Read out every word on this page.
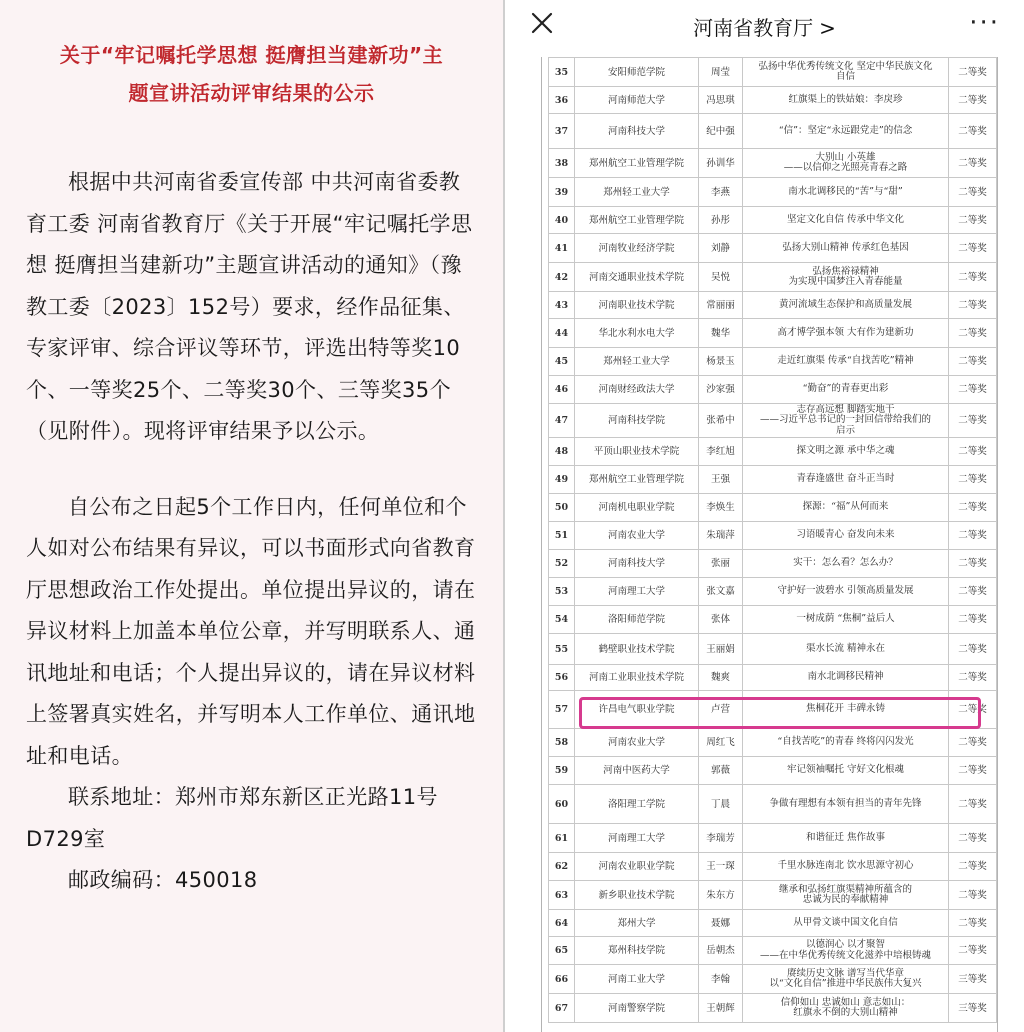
关于“牢记嘱托学思想 挺膺担当建新功”主
题宣讲活动评审结果的公示
根据中共河南省委宣传部 中共河南省委教育工委 河南省教育厅《关于开展“牢记嘱托学思想 挺膺担当建新功”主题宣讲活动的通知》（豫教工委〔2023〕152号）要求，经作品征集、专家评审、综合评议等环节，评选出特等奖10个、一等奖25个、二等奖30个、三等奖35个（见附件）。现将评审结果予以公示。
自公布之日起5个工作日内，任何单位和个人如对公布结果有异议，可以书面形式向省教育厅思想政治工作处提出。单位提出异议的，请在异议材料上加盖本单位公章，并写明联系人、通讯地址和电话；个人提出异议的，请在异议材料上签署真实姓名，并写明本人工作单位、通讯地址和电话。
联系地址：郑州市郑东新区正光路11号D729室
邮政编码：450018
河南省教育厅 >	···
35	安阳师范学院	周莹	弘扬中华优秀传统文化 坚定中华民族文化
自信	二等奖
36	河南师范大学	冯思琪	红旗渠上的铁姑娘：李戾珍	二等奖
37	河南科技大学	纪中强	“信”：坚定“永远跟党走”的信念	二等奖
38	郑州航空工业管理学院	孙训华	大别山 小英雄
——以信仰之光照亮青春之路	二等奖
39	郑州轻工业大学	李燕	南水北调移民的“苦”与“甜”	二等奖
40	郑州航空工业管理学院	孙彤	坚定文化自信 传承中华文化	二等奖
41	河南牧业经济学院	刘静	弘扬大别山精神 传承红色基因	二等奖
42	河南交通职业技术学院	吴悦	弘扬焦裕禄精神
为实现中国梦注入青春能量	二等奖
43	河南职业技术学院	常丽丽	黄河流域生态保护和高质量发展	二等奖
44	华北水利水电大学	魏华	高才博学强本领 大有作为建新功	二等奖
45	郑州轻工业大学	杨景玉	走近红旗渠 传承“自找苦吃”精神	二等奖
46	河南财经政法大学	沙家强	“勤奋”的青春更出彩	二等奖
47	河南科技学院	张希中	志存高远想 脚踏实地干
——习近平总书记的一封回信带给我们的
启示	二等奖
48	平顶山职业技术学院	李红旭	探文明之源 承中华之魂	二等奖
49	郑州航空工业管理学院	王强	青春逢盛世 奋斗正当时	二等奖
50	河南机电职业学院	李焕生	探源：“福”从何而来	二等奖
51	河南农业大学	朱瑞萍	习语暖青心 奋发向未来	二等奖
52	河南科技大学	张丽	实干：怎么看？怎么办？	二等奖
53	河南理工大学	张文嘉	守护好一波碧水 引领高质量发展	二等奖
54	洛阳师范学院	张体	一树成荫 “焦桐”益后人	二等奖
55	鹤壁职业技术学院	王丽娟	渠水长流 精神永在	二等奖
56	河南工业职业技术学院	魏爽	南水北调移民精神	二等奖
57	许昌电气职业学院	卢营	焦桐花开 丰碑永铸	二等奖
58	河南农业大学	周红飞	“自找苦吃”的青春 终将闪闪发光	二等奖
59	河南中医药大学	郭薇	牢记领袖嘱托 守好文化根魂	二等奖
60	洛阳理工学院	丁晨	争做有理想有本领有担当的青年先锋	二等奖
61	河南理工大学	李瑞芳	和谐征迁 焦作故事	二等奖
62	河南农业职业学院	王一琛	千里水脉连南北 饮水思源守初心	二等奖
63	新乡职业技术学院	朱东方	继承和弘扬红旗渠精神所蕴含的
忠诚为民的奉献精神	二等奖
64	郑州大学	聂娜	从甲骨文谈中国文化自信	二等奖
65	郑州科技学院	岳朝杰	以德润心 以才聚智
——在中华优秀传统文化滋养中培根铸魂	二等奖
66	河南工业大学	李翰	赓续历史文脉 谱写当代华章
以“文化自信”推进中华民族伟大复兴	三等奖
67	河南警察学院	王朝辉	信仰如山 忠诚如山 意志如山：
红旗永不倒的大别山精神	三等奖
